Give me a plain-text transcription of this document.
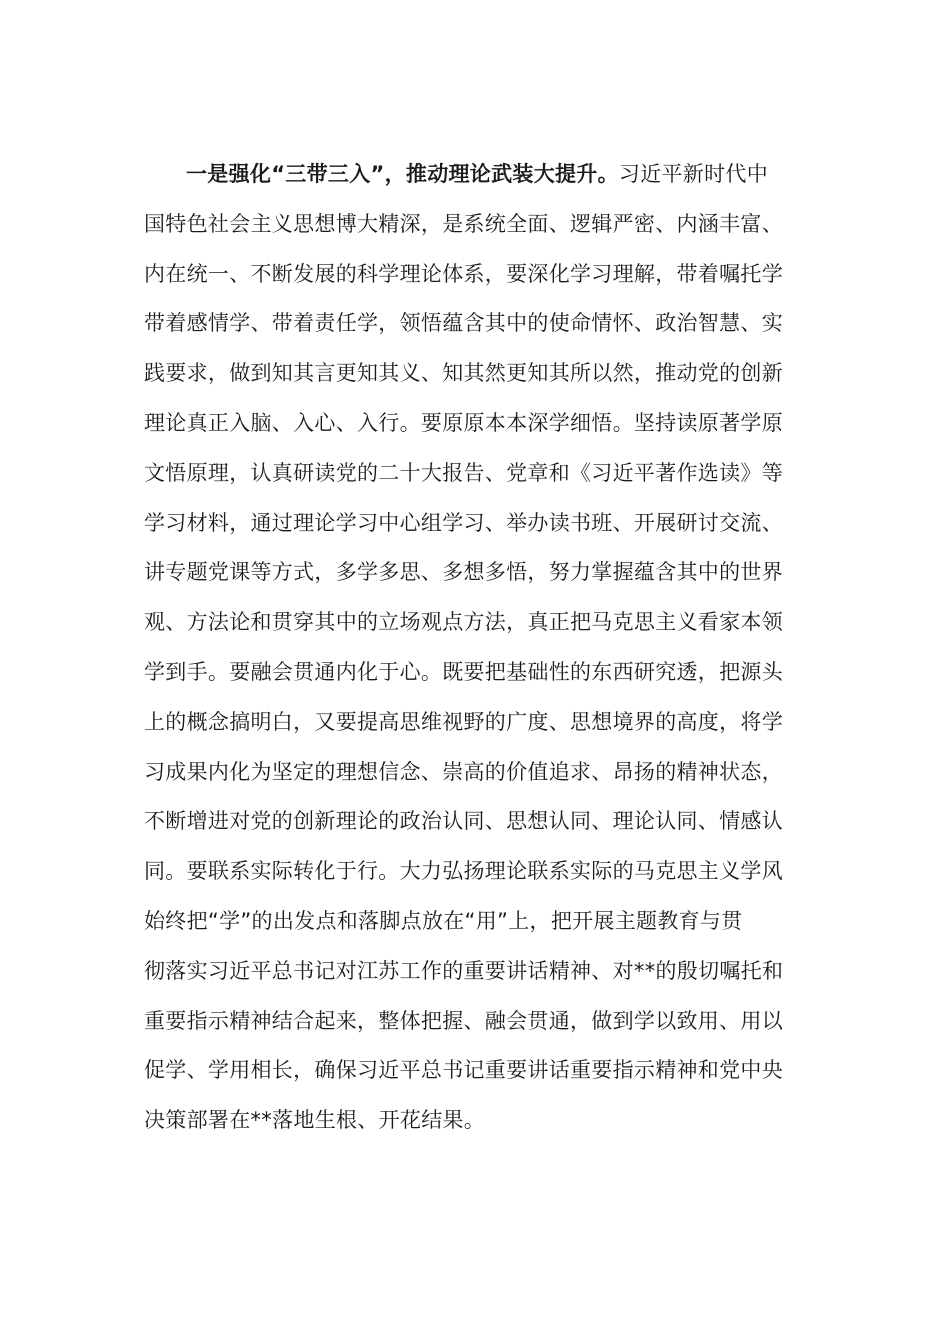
一是强化“三带三入”，推动理论武装大提升。习近平新时代中
国特色社会主义思想博大精深，是系统全面、逻辑严密、内涵丰富、
内在统一、不断发展的科学理论体系，要深化学习理解，带着嘱托学
带着感情学、带着责任学，领悟蕴含其中的使命情怀、政治智慧、实
践要求，做到知其言更知其义、知其然更知其所以然，推动党的创新
理论真正入脑、入心、入行。要原原本本深学细悟。坚持读原著学原
文悟原理，认真研读党的二十大报告、党章和《习近平著作选读》等
学习材料，通过理论学习中心组学习、举办读书班、开展研讨交流、
讲专题党课等方式，多学多思、多想多悟，努力掌握蕴含其中的世界
观、方法论和贯穿其中的立场观点方法，真正把马克思主义看家本领
学到手。要融会贯通内化于心。既要把基础性的东西研究透，把源头
上的概念搞明白，又要提高思维视野的广度、思想境界的高度，将学
习成果内化为坚定的理想信念、崇高的价值追求、昂扬的精神状态，
不断增进对党的创新理论的政治认同、思想认同、理论认同、情感认
同。要联系实际转化于行。大力弘扬理论联系实际的马克思主义学风
始终把“学”的出发点和落脚点放在“用”上，把开展主题教育与贯
彻落实习近平总书记对江苏工作的重要讲话精神、对**的殷切嘱托和
重要指示精神结合起来，整体把握、融会贯通，做到学以致用、用以
促学、学用相长，确保习近平总书记重要讲话重要指示精神和党中央
决策部署在**落地生根、开花结果。
